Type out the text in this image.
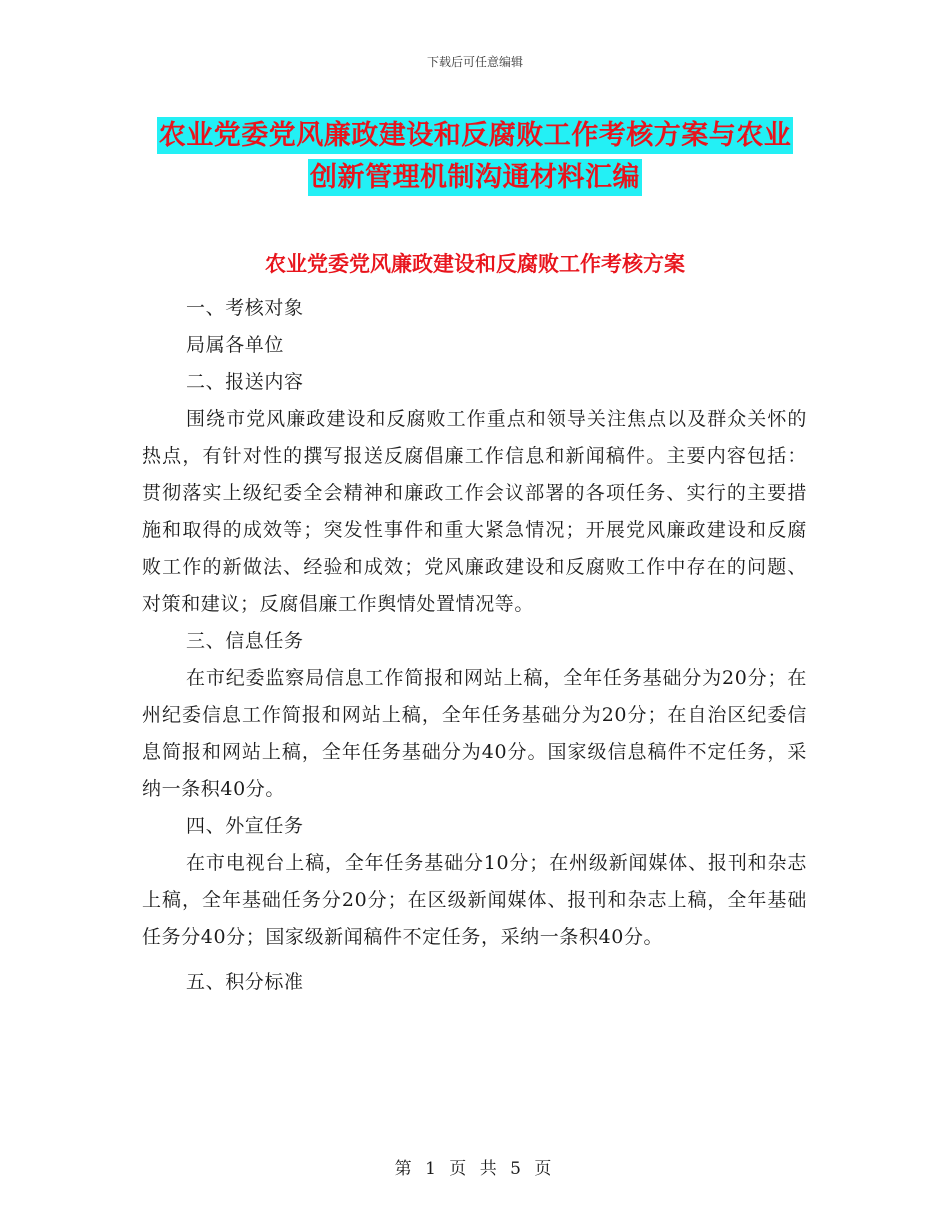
下载后可任意编辑
农业党委党风廉政建设和反腐败工作考核方案与农业
创新管理机制沟通材料汇编
农业党委党风廉政建设和反腐败工作考核方案

一、考核对象

局属各单位

二、报送内容

围绕市党风廉政建设和反腐败工作重点和领导关注焦点以及群众关怀的热点，有针对性的撰写报送反腐倡廉工作信息和新闻稿件。主要内容包括：贯彻落实上级纪委全会精神和廉政工作会议部署的各项任务、实行的主要措施和取得的成效等；突发性事件和重大紧急情况；开展党风廉政建设和反腐败工作的新做法、经验和成效；党风廉政建设和反腐败工作中存在的问题、对策和建议；反腐倡廉工作舆情处置情况等。

三、信息任务

在市纪委监察局信息工作简报和网站上稿，全年任务基础分为20分；在州纪委信息工作简报和网站上稿，全年任务基础分为20分；在自治区纪委信息简报和网站上稿，全年任务基础分为40分。国家级信息稿件不定任务，采纳一条积40分。

四、外宣任务

在市电视台上稿，全年任务基础分10分；在州级新闻媒体、报刊和杂志上稿，全年基础任务分20分；在区级新闻媒体、报刊和杂志上稿，全年基础任务分40分；国家级新闻稿件不定任务，采纳一条积40分。

五、积分标准

第 1 页 共 5 页
